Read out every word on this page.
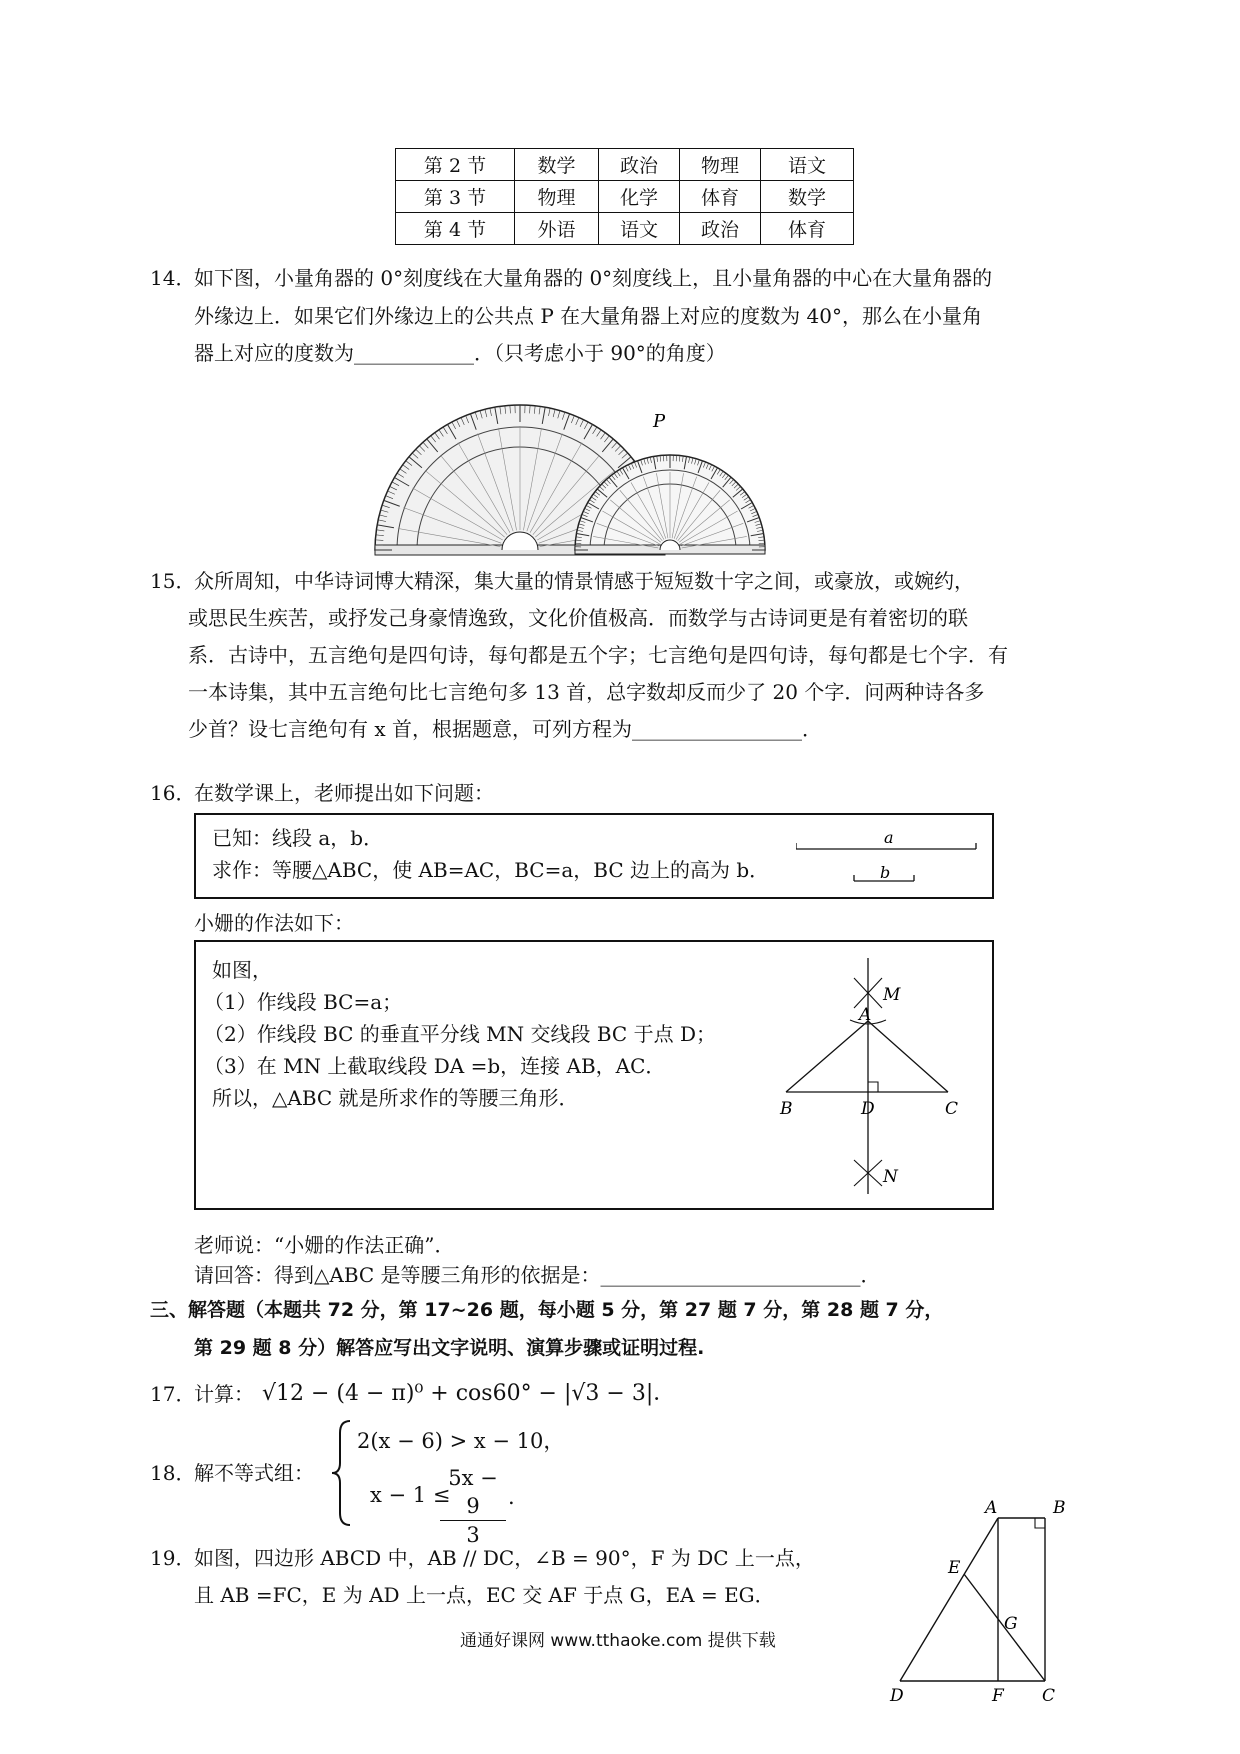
第 2 节	数学	政治	物理	语文
第 3 节	物理	化学	体育	数学
第 4 节	外语	语文	政治	体育
14．
如下图，小量角器的 0°刻度线在大量角器的 0°刻度线上，且小量角器的中心在大量角器的
外缘边上．如果它们外缘边上的公共点 P 在大量角器上对应的度数为 40°，那么在小量角
器上对应的度数为____________．（只考虑小于 90°的角度）
P
15．
众所周知，中华诗词博大精深，集大量的情景情感于短短数十字之间，或豪放，或婉约，
或思民生疾苦，或抒发己身豪情逸致，文化价值极高．而数学与古诗词更是有着密切的联
系．古诗中，五言绝句是四句诗，每句都是五个字；七言绝句是四句诗，每句都是七个字．有
一本诗集，其中五言绝句比七言绝句多 13 首，总字数却反而少了 20 个字．问两种诗各多
少首？设七言绝句有 x 首，根据题意，可列方程为_________________．
16．
在数学课上，老师提出如下问题：
已知：线段 a，b．
求作：等腰△ABC，使 AB=AC，BC=a，BC 边上的高为 b．
a
b
小姗的作法如下：
如图，
（1）作线段 BC=a；
（2）作线段 BC 的垂直平分线 MN 交线段 BC 于点 D；
（3）在 MN 上截取线段 DA =b，连接 AB，AC．
所以，△ABC 就是所求作的等腰三角形．
M
A
B	D	C
N
老师说：“小姗的作法正确”．
请回答：得到△ABC 是等腰三角形的依据是：__________________________．
三、解答题（本题共 72 分，第 17~26 题，每小题 5 分，第 27 题 7 分，第 28 题 7 分，
第 29 题 8 分）解答应写出文字说明、演算步骤或证明过程.
17．
计算： √12 − (4 − π)⁰ + cos60° − |√3 − 3|．
18．
解不等式组：
2(x − 6) > x − 10，
x − 1 ≤
$\frac{5x - 9}{3}$ .
19．
如图，四边形 ABCD 中，AB // DC，∠B = 90°，F 为 DC 上一点，
且 AB =FC，E 为 AD 上一点，EC 交 AF 于点 G，EA = EG．
A	B
E
G
D	F C
通通好课网 www.tthaoke.com 提供下载
